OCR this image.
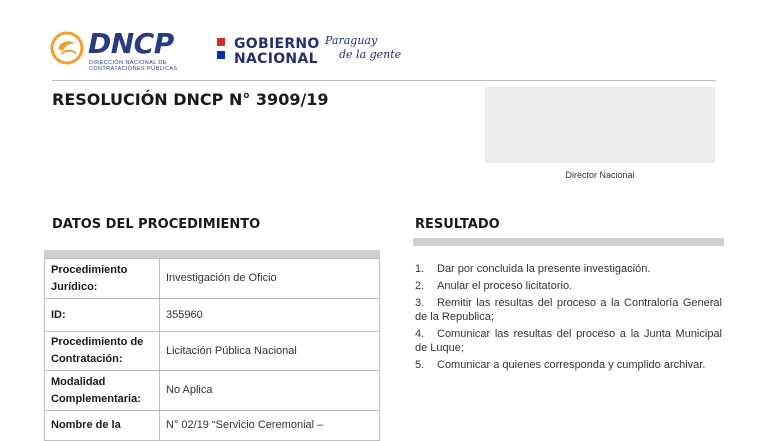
DNCP
DIRECCIÓN NACIONAL DE
CONTRATACIONES PÚBLICAS
GOBIERNO
NACIONAL
Paraguay
de la gente
RESOLUCIÓN DNCP N° 3909/19
Director Nacional
DATOS DEL PROCEDIMIENTO
Procedimiento Jurídico:	Investigación de Oficio
ID:	355960
Procedimiento de Contratación:	Licitación Pública Nacional
Modalidad Complementaria:	No Aplica
Nombre de la	N° 02/19 “Servicio Ceremonial –
RESULTADO
1. Dar por concluida la presente investigación.
2. Anular el proceso licitatorio.
3. Remitir las resultas del proceso a la Contraloría General de la Republica;
4. Comunicar las resultas del proceso a la Junta Municipal de Luque;
5. Comunicar a quienes corresponda y cumplido archivar.
